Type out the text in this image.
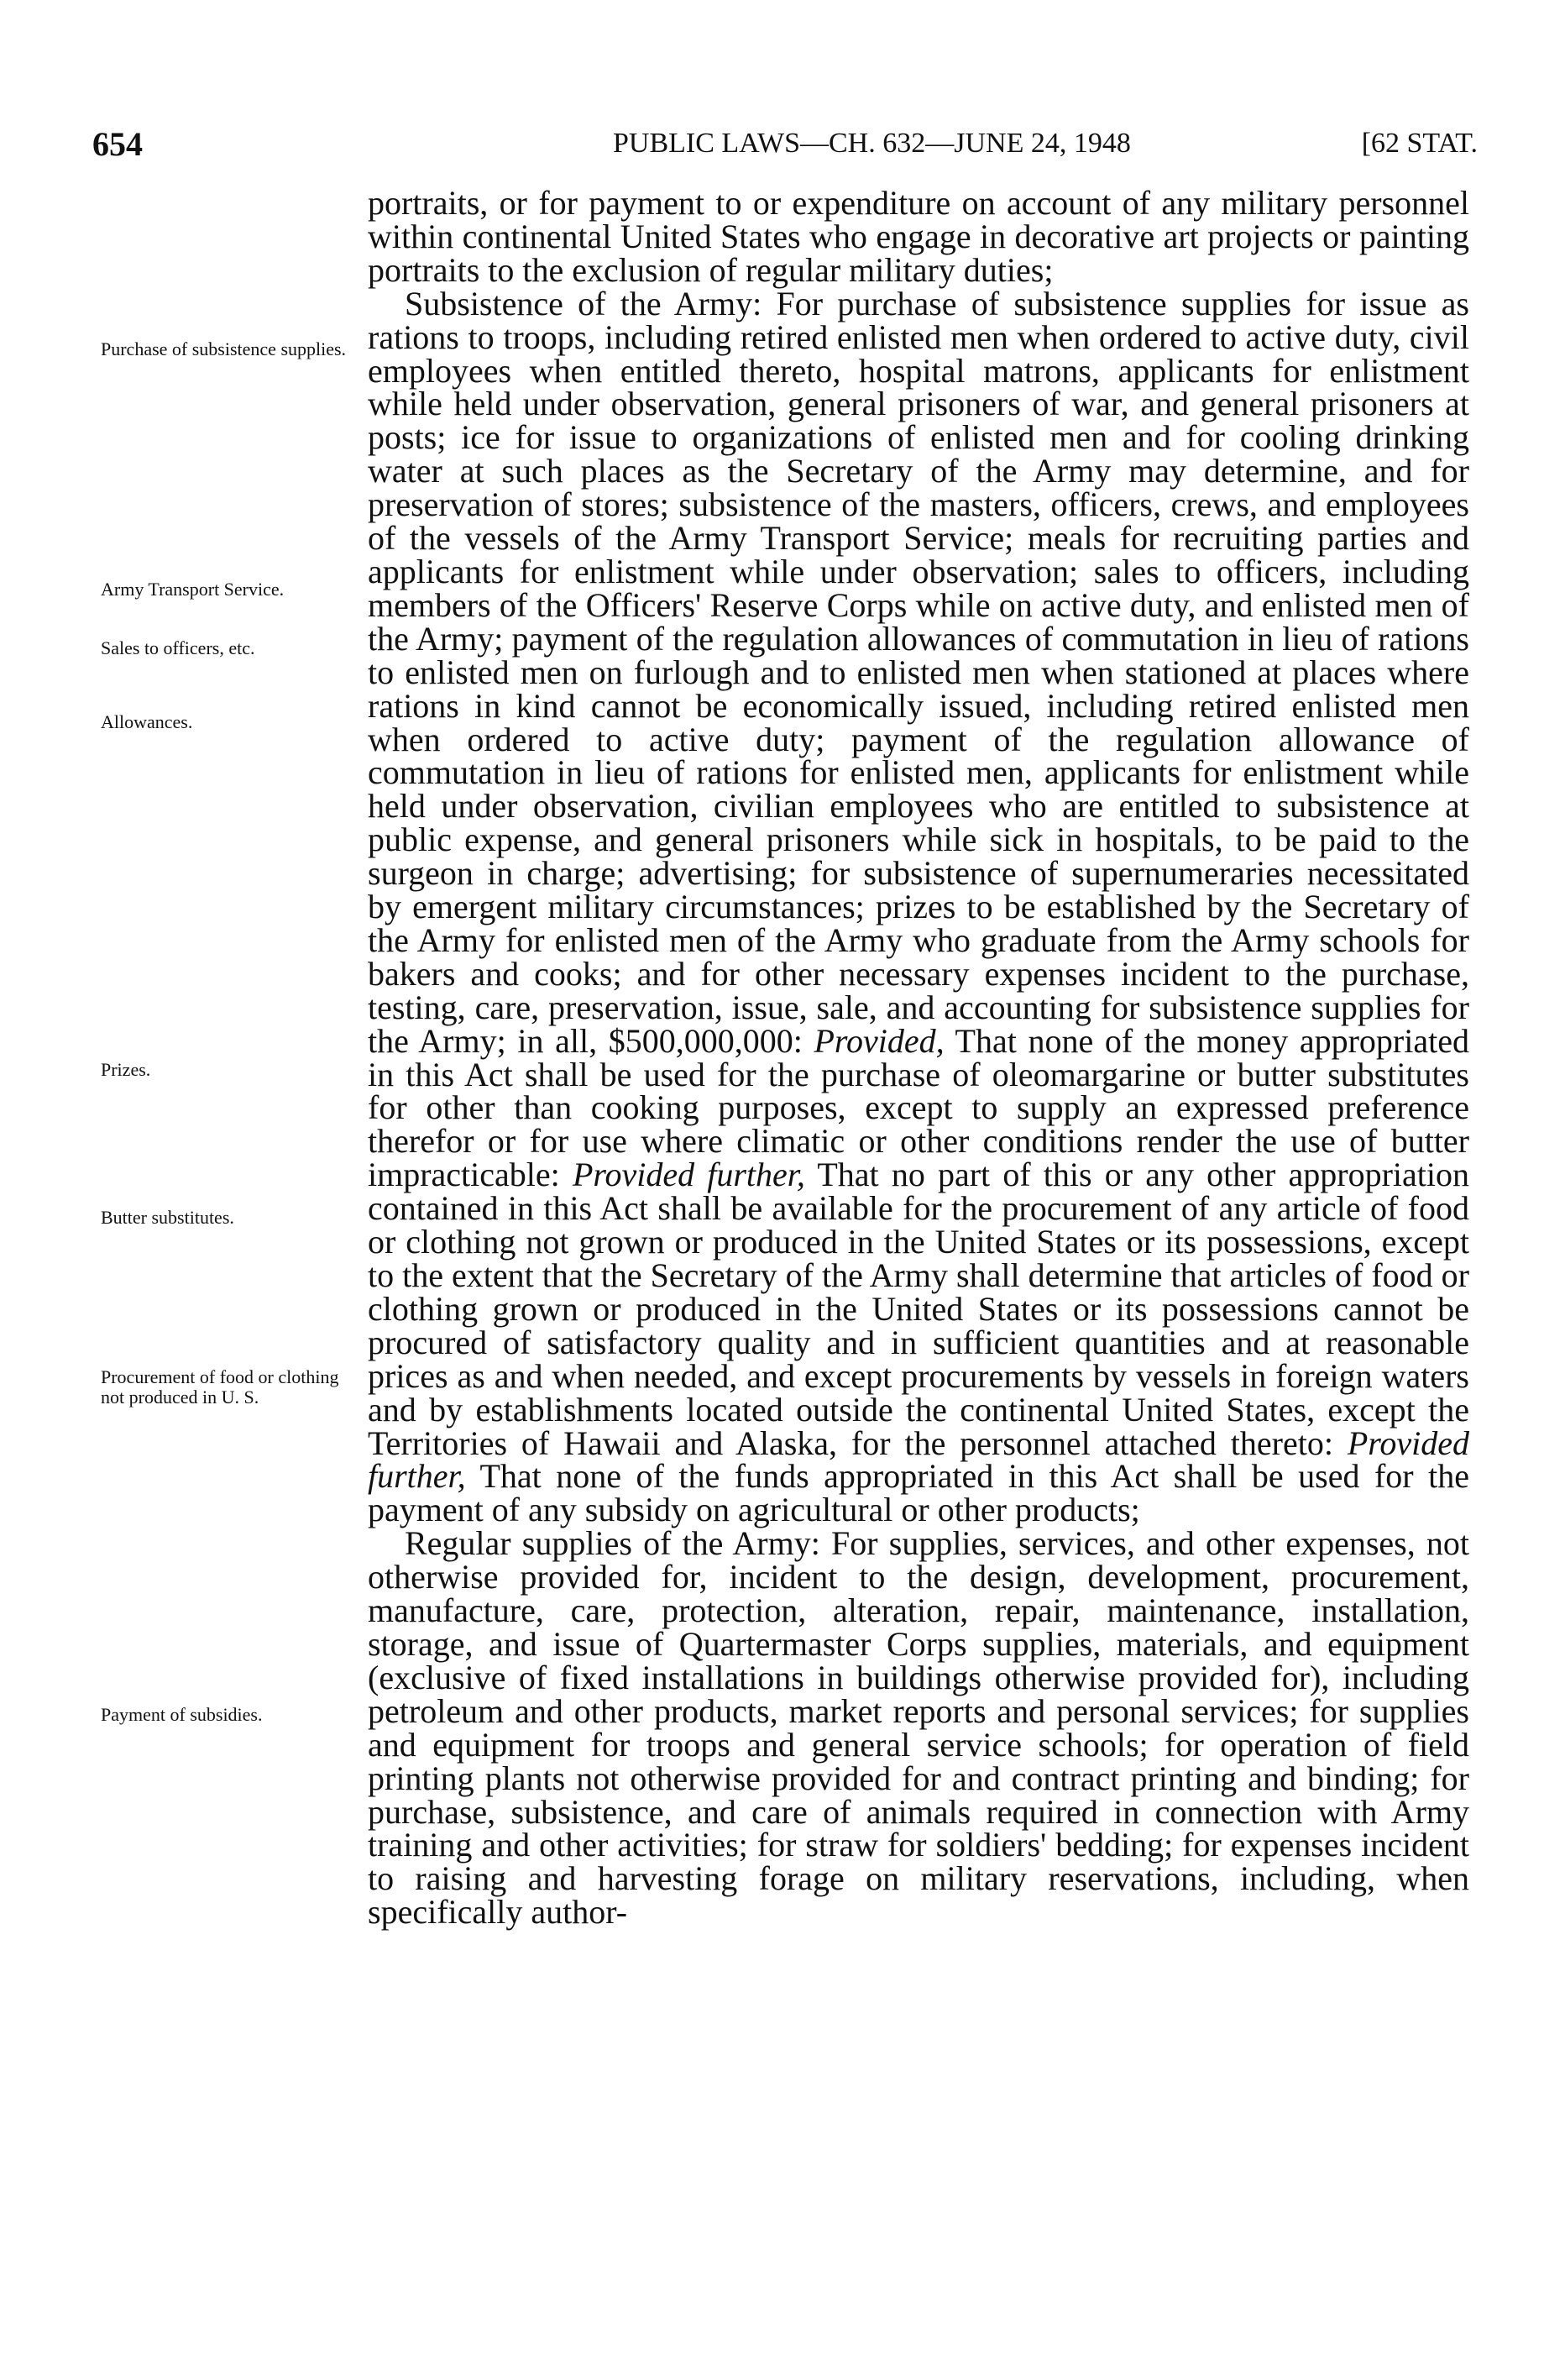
654	PUBLIC LAWS—CH. 632—JUNE 24, 1948	[62 STAT.
Purchase of subsistence supplies.
Army Transport Service.
Sales to officers, etc.
Allowances.
Prizes.
Butter substitutes.
Procurement of food or clothing not produced in U. S.
Payment of subsidies.

portraits, or for payment to or expenditure on account of any military personnel within continental United States who engage in decorative art projects or painting portraits to the exclusion of regular military duties;

Subsistence of the Army: For purchase of subsistence supplies for issue as rations to troops, including retired enlisted men when ordered to active duty, civil employees when entitled thereto, hospital matrons, applicants for enlistment while held under observation, general prisoners of war, and general prisoners at posts; ice for issue to organizations of enlisted men and for cooling drinking water at such places as the Secretary of the Army may determine, and for preservation of stores; subsistence of the masters, officers, crews, and employees of the vessels of the Army Transport Service; meals for recruiting parties and applicants for enlistment while under observation; sales to officers, including members of the Officers' Reserve Corps while on active duty, and enlisted men of the Army; payment of the regulation allowances of commutation in lieu of rations to enlisted men on furlough and to enlisted men when stationed at places where rations in kind cannot be economically issued, including retired enlisted men when ordered to active duty; payment of the regulation allowance of commutation in lieu of rations for enlisted men, applicants for enlistment while held under observation, civilian employees who are entitled to subsistence at public expense, and general prisoners while sick in hospitals, to be paid to the surgeon in charge; advertising; for subsistence of supernumeraries necessitated by emergent military circumstances; prizes to be established by the Secretary of the Army for enlisted men of the Army who graduate from the Army schools for bakers and cooks; and for other necessary expenses incident to the purchase, testing, care, preservation, issue, sale, and accounting for subsistence supplies for the Army; in all, $500,000,000: Provided, That none of the money appropriated in this Act shall be used for the purchase of oleomargarine or butter substitutes for other than cooking purposes, except to supply an expressed preference therefor or for use where climatic or other conditions render the use of butter impracticable: Provided further, That no part of this or any other appropriation contained in this Act shall be available for the procurement of any article of food or clothing not grown or produced in the United States or its possessions, except to the extent that the Secretary of the Army shall determine that articles of food or clothing grown or produced in the United States or its possessions cannot be procured of satisfactory quality and in sufficient quantities and at reasonable prices as and when needed, and except procurements by vessels in foreign waters and by establishments located outside the continental United States, except the Territories of Hawaii and Alaska, for the personnel attached thereto: Provided further, That none of the funds appropriated in this Act shall be used for the payment of any subsidy on agricultural or other products;

Regular supplies of the Army: For supplies, services, and other expenses, not otherwise provided for, incident to the design, development, procurement, manufacture, care, protection, alteration, repair, maintenance, installation, storage, and issue of Quartermaster Corps supplies, materials, and equipment (exclusive of fixed installations in buildings otherwise provided for), including petroleum and other products, market reports and personal services; for supplies and equipment for troops and general service schools; for operation of field printing plants not otherwise provided for and contract printing and binding; for purchase, subsistence, and care of animals required in connection with Army training and other activities; for straw for soldiers' bedding; for expenses incident to raising and harvesting forage on military reservations, including, when specifically author-
